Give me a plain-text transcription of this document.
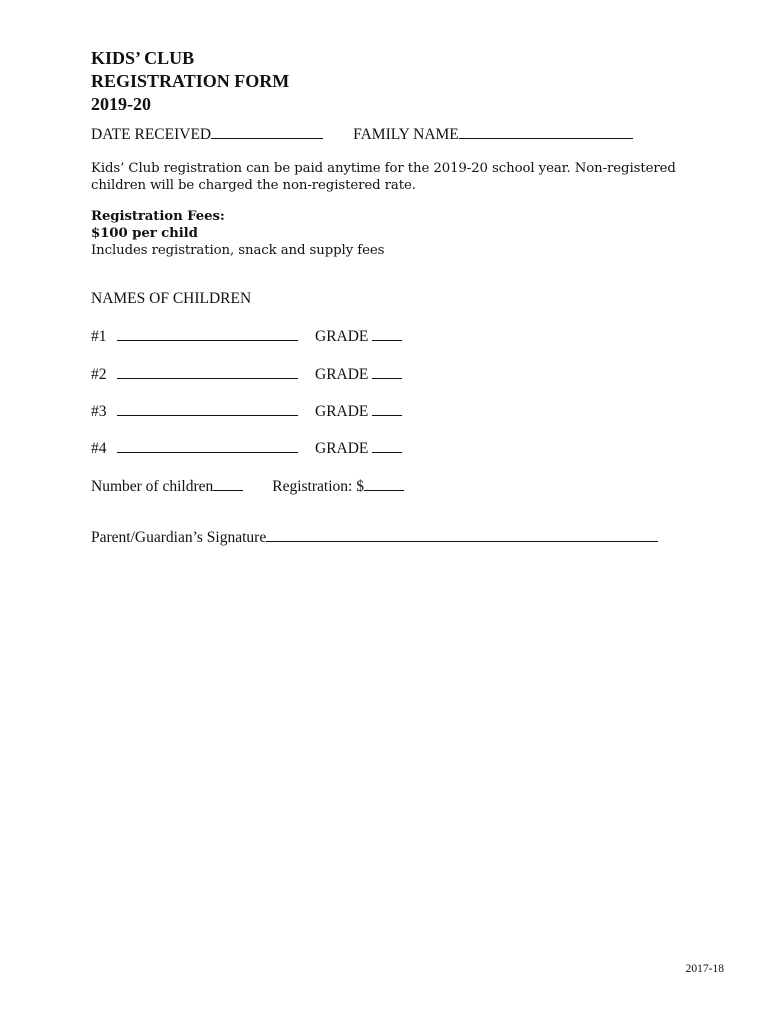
KIDS’ CLUB
REGISTRATION FORM
2019-20
DATE RECEIVED	FAMILY NAME
Kids’ Club registration can be paid anytime for the 2019-20 school year. Non-registered children will be charged the non-registered rate.
Registration Fees:
$100 per child
Includes registration, snack and supply fees
NAMES OF CHILDREN
#1	GRADE
#2	GRADE
#3	GRADE
#4	GRADE
Number of children	Registration: $
Parent/Guardian’s Signature
2017-18
